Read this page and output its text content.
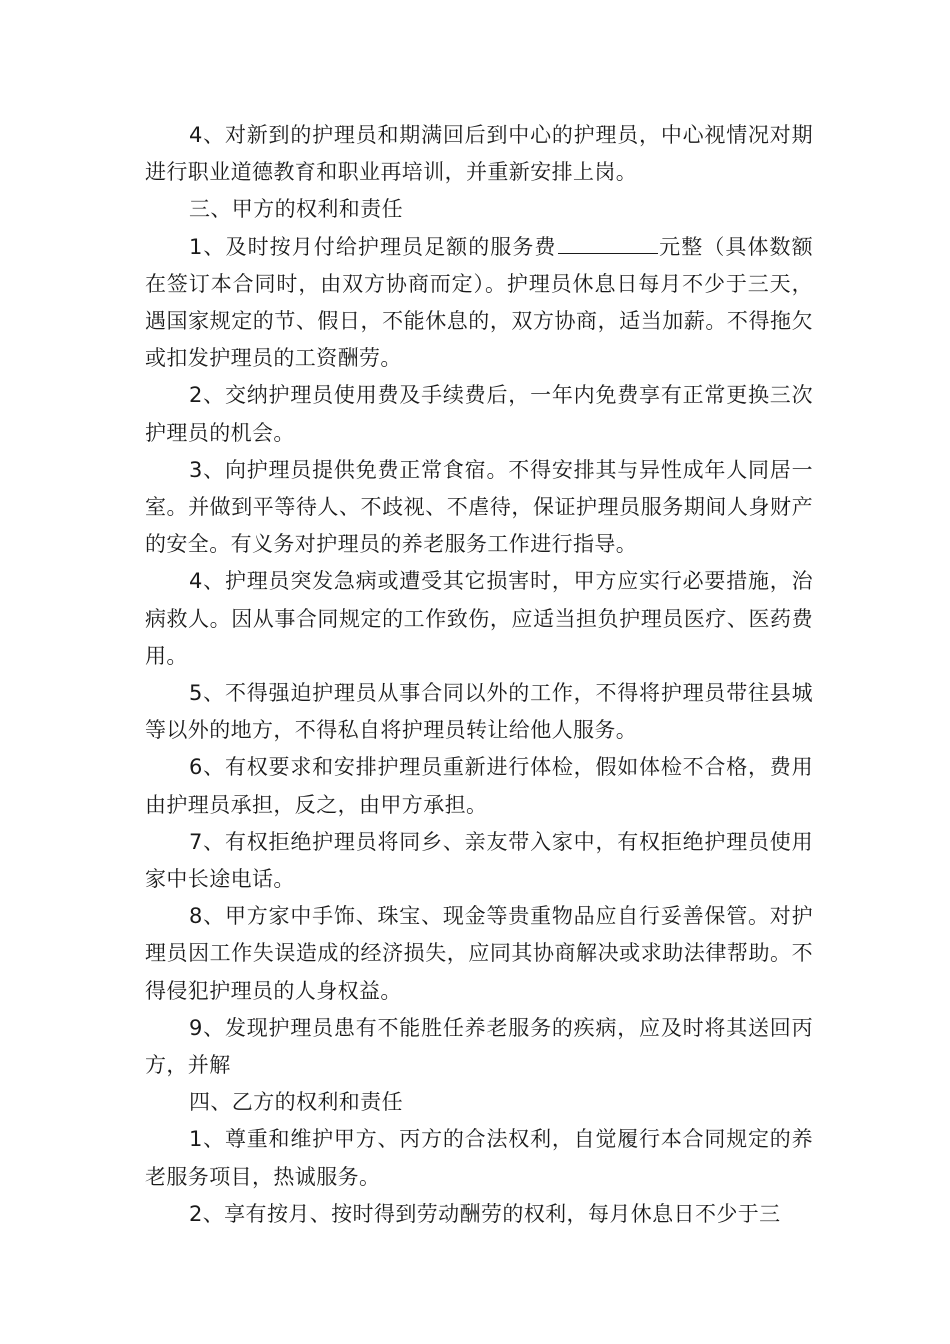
4、对新到的护理员和期满回后到中心的护理员，中心视情况对期进行职业道德教育和职业再培训，并重新安排上岗。

三、甲方的权利和责任

1、及时按月付给护理员足额的服务费	元整（具体数额在签订本合同时，由双方协商而定）。护理员休息日每月不少于三天，遇国家规定的节、假日，不能休息的，双方协商，适当加薪。不得拖欠或扣发护理员的工资酬劳。

2、交纳护理员使用费及手续费后，一年内免费享有正常更换三次护理员的机会。

3、向护理员提供免费正常食宿。不得安排其与异性成年人同居一室。并做到平等待人、不歧视、不虐待，保证护理员服务期间人身财产的安全。有义务对护理员的养老服务工作进行指导。

4、护理员突发急病或遭受其它损害时，甲方应实行必要措施，治病救人。因从事合同规定的工作致伤，应适当担负护理员医疗、医药费用。

5、不得强迫护理员从事合同以外的工作，不得将护理员带往县城等以外的地方，不得私自将护理员转让给他人服务。

6、有权要求和安排护理员重新进行体检，假如体检不合格，费用由护理员承担，反之，由甲方承担。

7、有权拒绝护理员将同乡、亲友带入家中，有权拒绝护理员使用家中长途电话。

8、甲方家中手饰、珠宝、现金等贵重物品应自行妥善保管。对护理员因工作失误造成的经济损失，应同其协商解决或求助法律帮助。不得侵犯护理员的人身权益。

9、发现护理员患有不能胜任养老服务的疾病，应及时将其送回丙方，并解

四、乙方的权利和责任

1、尊重和维护甲方、丙方的合法权利，自觉履行本合同规定的养老服务项目，热诚服务。

2、享有按月、按时得到劳动酬劳的权利，每月休息日不少于三
